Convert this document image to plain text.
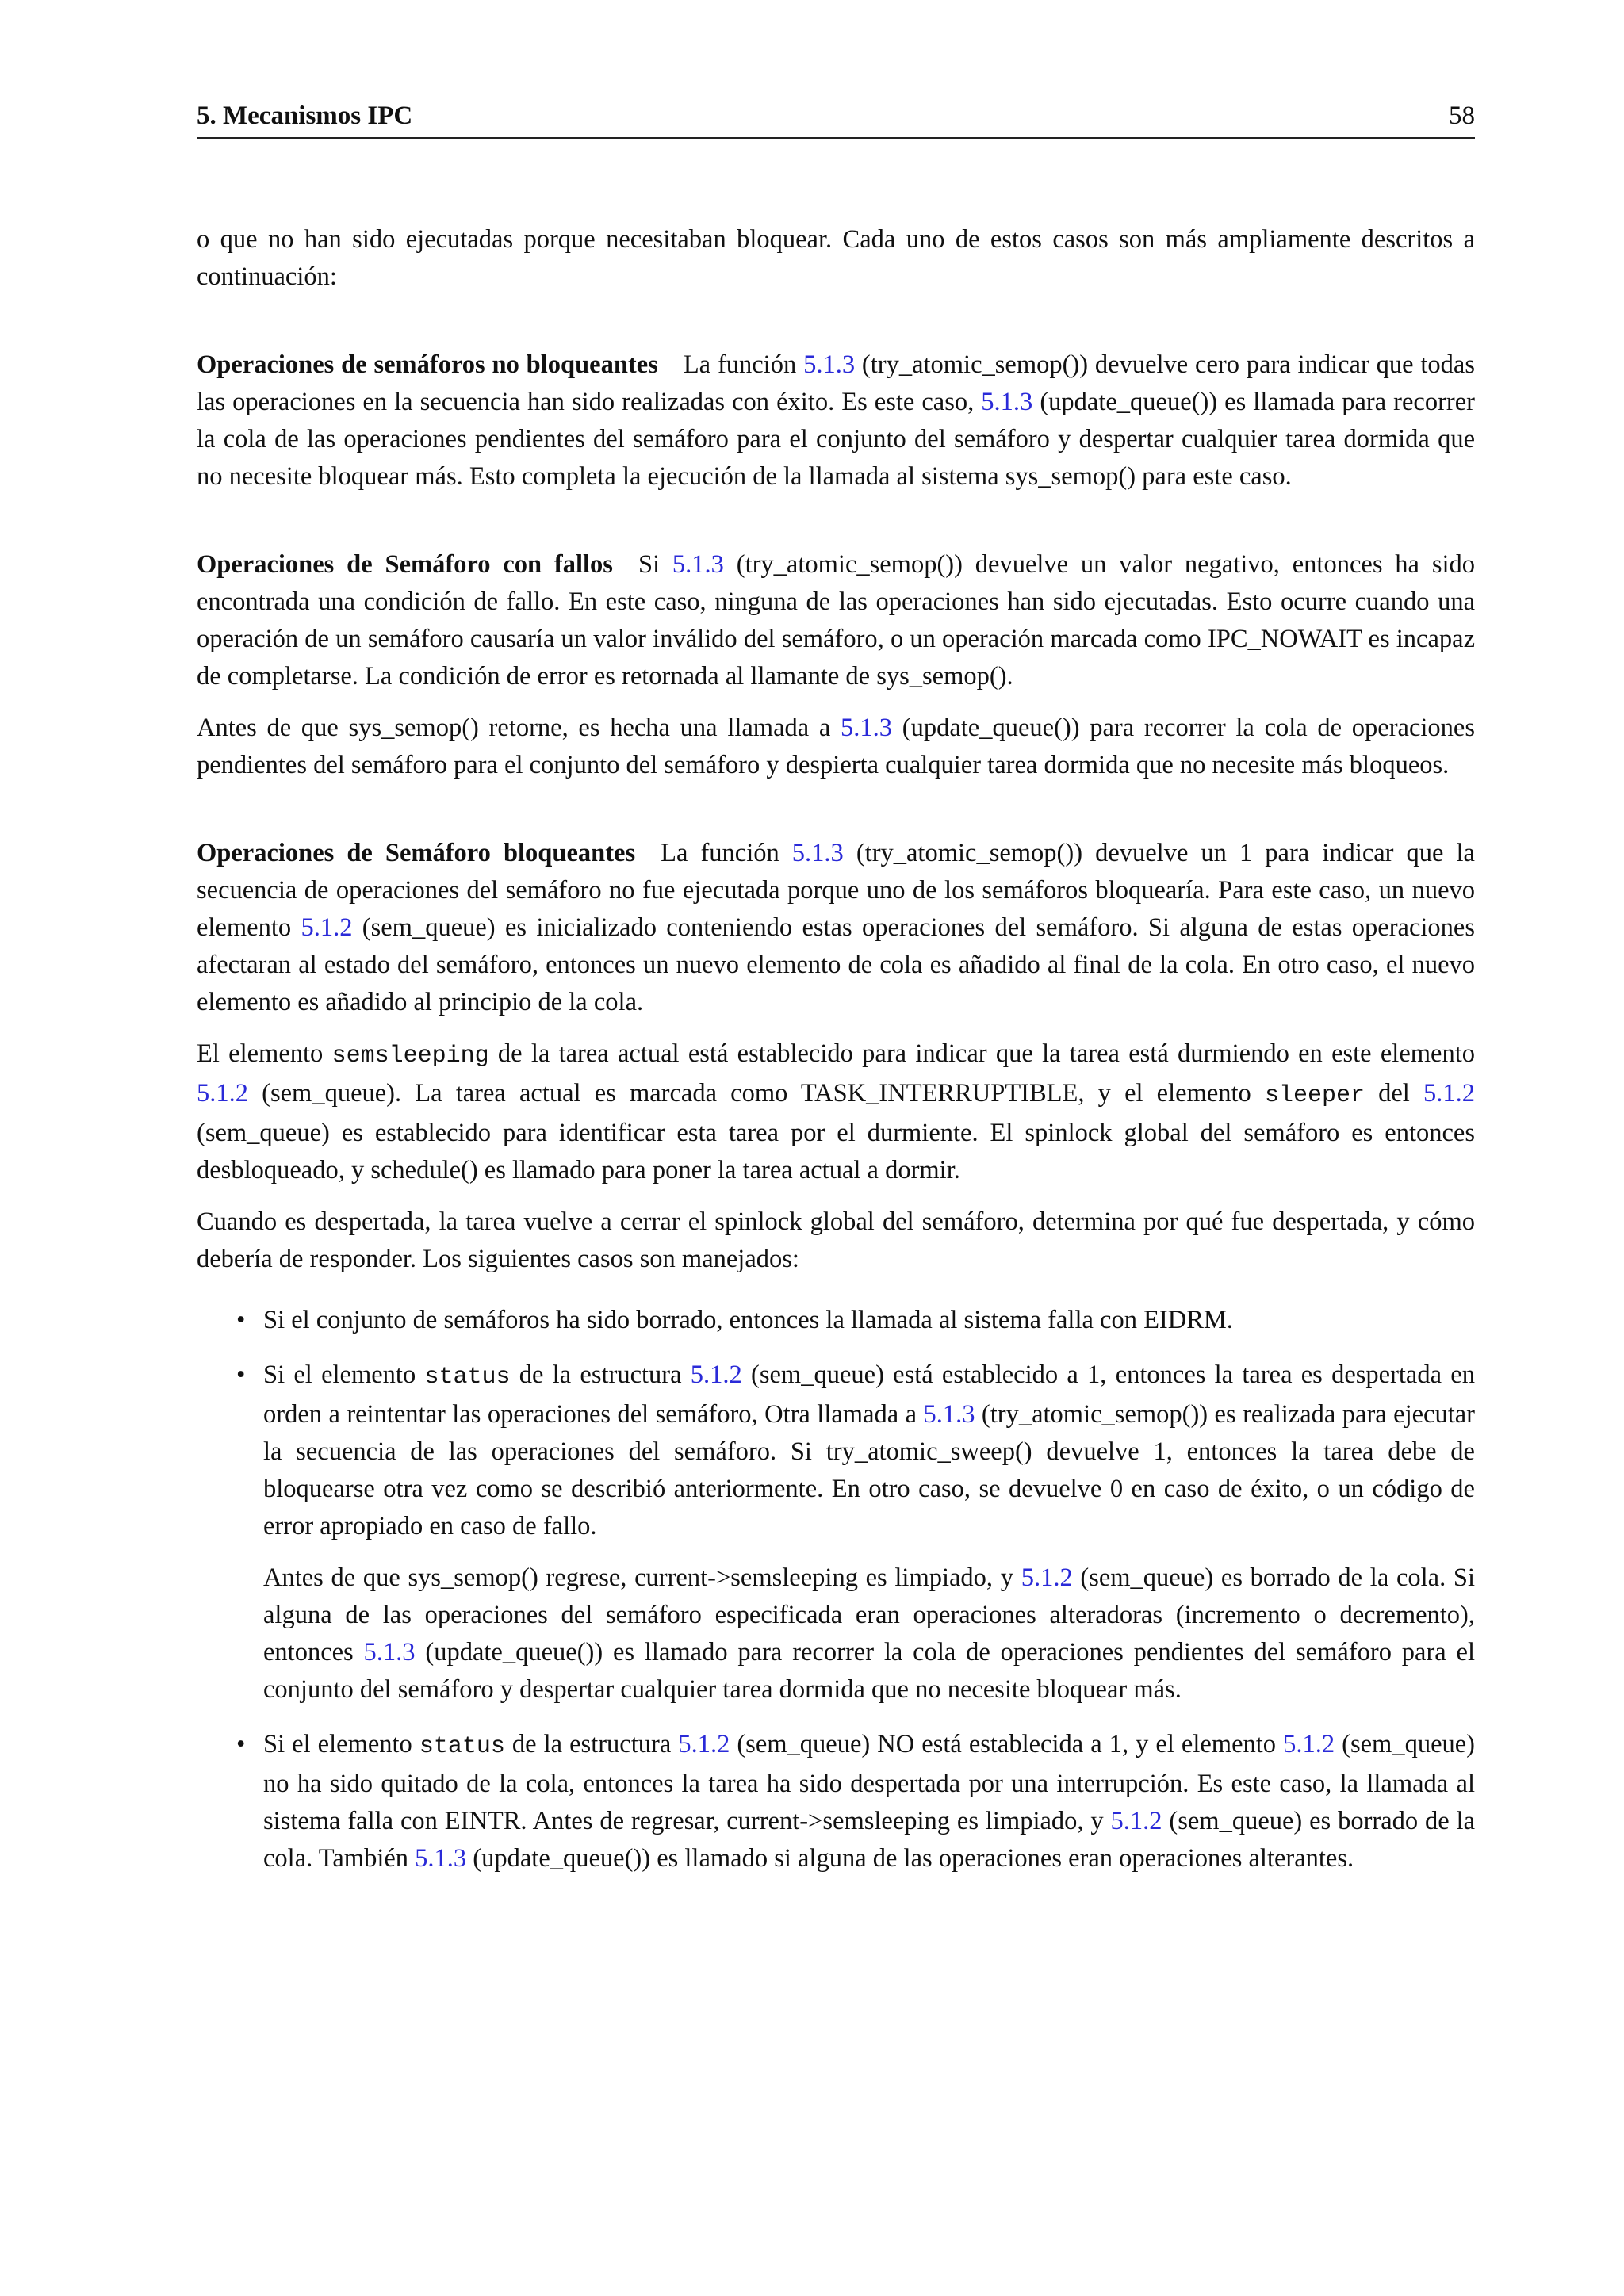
5. Mecanismos IPC	58

o que no han sido ejecutadas porque necesitaban bloquear. Cada uno de estos casos son más ampliamente descritos a continuación:

Operaciones de semáforos no bloqueantes La función 5.1.3 (try_atomic_semop()) devuelve cero para indicar que todas las operaciones en la secuencia han sido realizadas con éxito. Es este caso, 5.1.3 (update_queue()) es llamada para recorrer la cola de las operaciones pendientes del semáforo para el conjunto del semáforo y despertar cualquier tarea dormida que no necesite bloquear más. Esto completa la ejecución de la llamada al sistema sys_semop() para este caso.

Operaciones de Semáforo con fallos Si 5.1.3 (try_atomic_semop()) devuelve un valor negativo, entonces ha sido encontrada una condición de fallo. En este caso, ninguna de las operaciones han sido ejecutadas. Esto ocurre cuando una operación de un semáforo causaría un valor inválido del semáforo, o un operación marcada como IPC_NOWAIT es incapaz de completarse. La condición de error es retornada al llamante de sys_semop().

Antes de que sys_semop() retorne, es hecha una llamada a 5.1.3 (update_queue()) para recorrer la cola de operaciones pendientes del semáforo para el conjunto del semáforo y despierta cualquier tarea dormida que no necesite más bloqueos.

Operaciones de Semáforo bloqueantes La función 5.1.3 (try_atomic_semop()) devuelve un 1 para indicar que la secuencia de operaciones del semáforo no fue ejecutada porque uno de los semáforos bloquearía. Para este caso, un nuevo elemento 5.1.2 (sem_queue) es inicializado conteniendo estas operaciones del semáforo. Si alguna de estas operaciones afectaran al estado del semáforo, entonces un nuevo elemento de cola es añadido al final de la cola. En otro caso, el nuevo elemento es añadido al principio de la cola.

El elemento semsleeping de la tarea actual está establecido para indicar que la tarea está durmiendo en este elemento 5.1.2 (sem_queue). La tarea actual es marcada como TASK_INTERRUPTIBLE, y el elemento sleeper del 5.1.2 (sem_queue) es establecido para identificar esta tarea por el durmiente. El spinlock global del semáforo es entonces desbloqueado, y schedule() es llamado para poner la tarea actual a dormir.

Cuando es despertada, la tarea vuelve a cerrar el spinlock global del semáforo, determina por qué fue despertada, y cómo debería de responder. Los siguientes casos son manejados:

• Si el conjunto de semáforos ha sido borrado, entonces la llamada al sistema falla con EIDRM.

• Si el elemento status de la estructura 5.1.2 (sem_queue) está establecido a 1, entonces la tarea es despertada en orden a reintentar las operaciones del semáforo, Otra llamada a 5.1.3 (try_atomic_semop()) es realizada para ejecutar la secuencia de las operaciones del semáforo. Si try_atomic_sweep() devuelve 1, entonces la tarea debe de bloquearse otra vez como se describió anteriormente. En otro caso, se devuelve 0 en caso de éxito, o un código de error apropiado en caso de fallo.

Antes de que sys_semop() regrese, current->semsleeping es limpiado, y 5.1.2 (sem_queue) es borrado de la cola. Si alguna de las operaciones del semáforo especificada eran operaciones alteradoras (incremento o decremento), entonces 5.1.3 (update_queue()) es llamado para recorrer la cola de operaciones pendientes del semáforo para el conjunto del semáforo y despertar cualquier tarea dormida que no necesite bloquear más.

• Si el elemento status de la estructura 5.1.2 (sem_queue) NO está establecida a 1, y el elemento 5.1.2 (sem_queue) no ha sido quitado de la cola, entonces la tarea ha sido despertada por una interrupción. Es este caso, la llamada al sistema falla con EINTR. Antes de regresar, current->semsleeping es limpiado, y 5.1.2 (sem_queue) es borrado de la cola. También 5.1.3 (update_queue()) es llamado si alguna de las operaciones eran operaciones alterantes.
